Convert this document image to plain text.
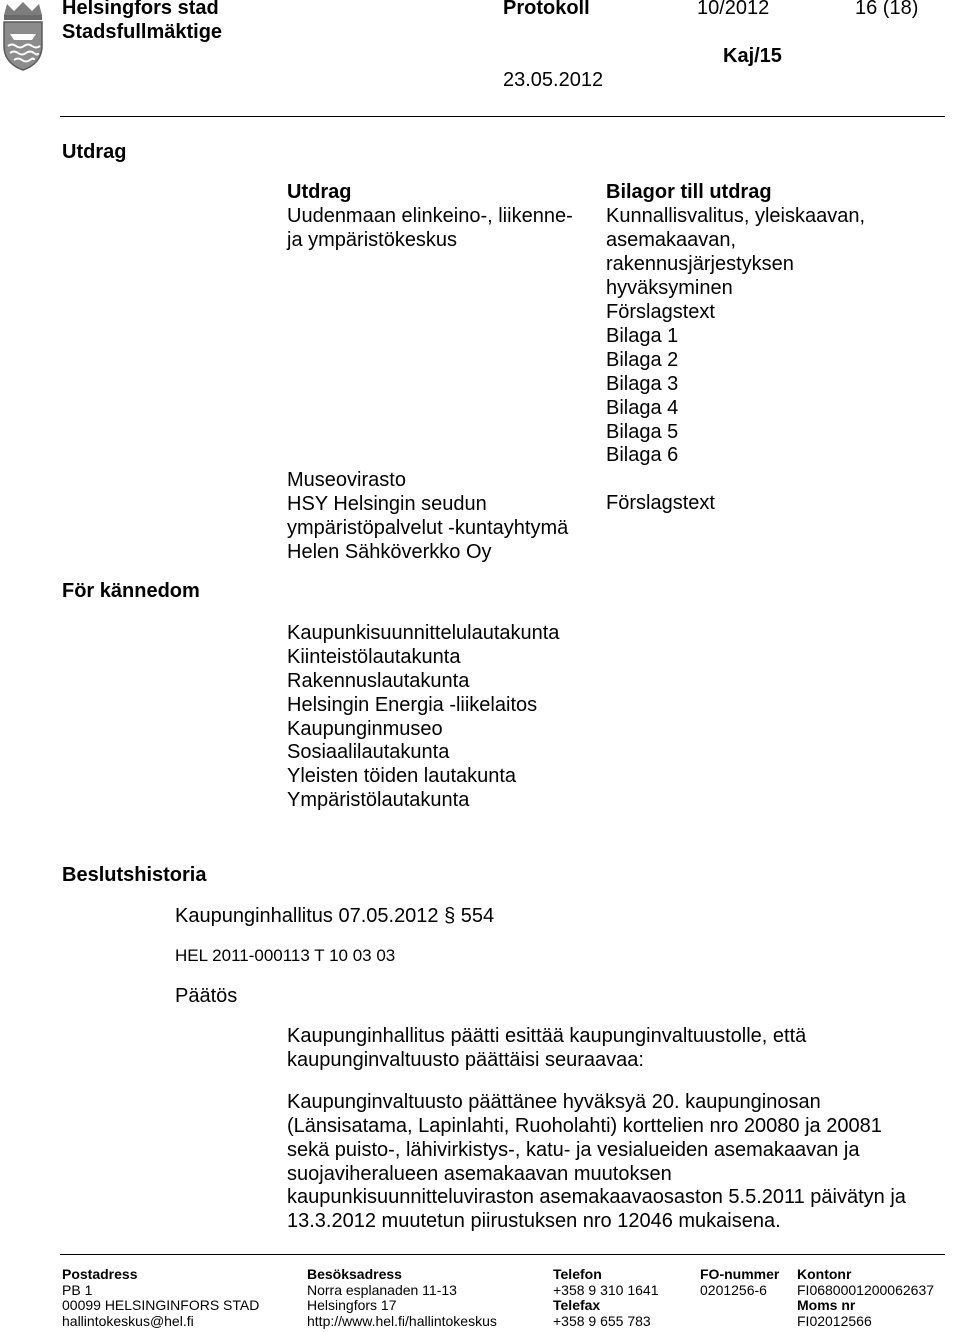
Helsingfors stad
Stadsfullmäktige
Protokoll	10/2012	16 (18)
Kaj/15
23.05.2012
Utdrag
Utdrag
Uudenmaan elinkeino-, liikenne-
ja ympäristökeskus
Museovirasto
HSY Helsingin seudun
ympäristöpalvelut -kuntayhtymä
Helen Sähköverkko Oy
Bilagor till utdrag
Kunnallisvalitus, yleiskaavan,
asemakaavan,
rakennusjärjestyksen
hyväksyminen
Förslagstext
Bilaga 1
Bilaga 2
Bilaga 3
Bilaga 4
Bilaga 5
Bilaga 6
Förslagstext
För kännedom
Kaupunkisuunnittelulautakunta
Kiinteistölautakunta
Rakennuslautakunta
Helsingin Energia -liikelaitos
Kaupunginmuseo
Sosiaalilautakunta
Yleisten töiden lautakunta
Ympäristölautakunta
Beslutshistoria
Kaupunginhallitus 07.05.2012 § 554
HEL 2011-000113 T 10 03 03
Päätös
Kaupunginhallitus päätti esittää kaupunginvaltuustolle, että
kaupunginvaltuusto päättäisi seuraavaa:
Kaupunginvaltuusto päättänee hyväksyä 20. kaupunginosan
(Länsisatama, Lapinlahti, Ruoholahti) korttelien nro 20080 ja 20081
sekä puisto-, lähivirkistys-, katu- ja vesialueiden asemakaavan ja
suojaviheralueen asemakaavan muutoksen
kaupunkisuunnitteluviraston asemakaavaosaston 5.5.2011 päivätyn ja
13.3.2012 muutetun piirustuksen nro 12046 mukaisena.
Postadress
PB 1
00099 HELSINGINFORS STAD
hallintokeskus@hel.fi
Besöksadress
Norra esplanaden 11-13
Helsingfors 17
http://www.hel.fi/hallintokeskus
Telefon
+358 9 310 1641
Telefax
+358 9 655 783
FO-nummer
0201256-6
Kontonr
FI0680001200062637
Moms nr
FI02012566
